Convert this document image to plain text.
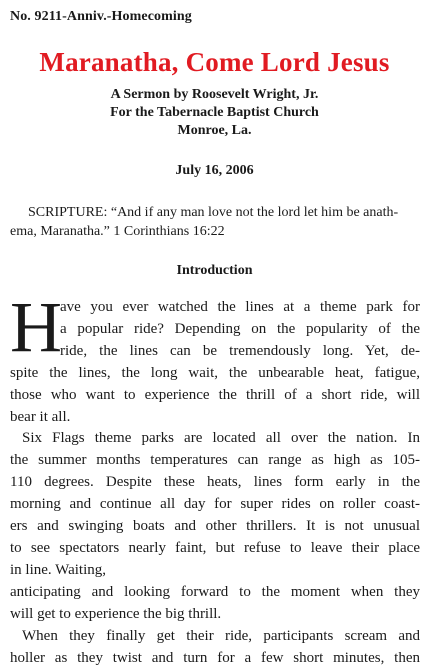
No. 9211-Anniv.-Homecoming
Maranatha, Come Lord Jesus
A Sermon by Roosevelt Wright, Jr.
For the Tabernacle Baptist Church
Monroe, La.
July 16, 2006
SCRIPTURE: “And if any man love not the lord let him be anath-
ema, Maranatha.” 1 Corinthians 16:22
Introduction
H
ave you ever watched the lines at a theme park for
a popular ride? Depending on the popularity of the
ride, the lines can be tremendously long. Yet, de-
spite the lines, the long wait, the unbearable heat, fatigue,
those who want to experience the thrill of a short ride, will
bear it all.
Six Flags theme parks are located all over the nation. In
the summer months temperatures can range as high as 105-
110 degrees. Despite these heats, lines form early in the
morning and continue all day for super rides on roller coast-
ers and swinging boats and other thrillers. It is not unusual
to see spectators nearly faint, but refuse to leave their place
in line. Waiting,
anticipating and looking forward to the moment when they
will get to experience the big thrill.
When they finally get their ride, participants scream and
holler as they twist and turn for a few short minutes, then
